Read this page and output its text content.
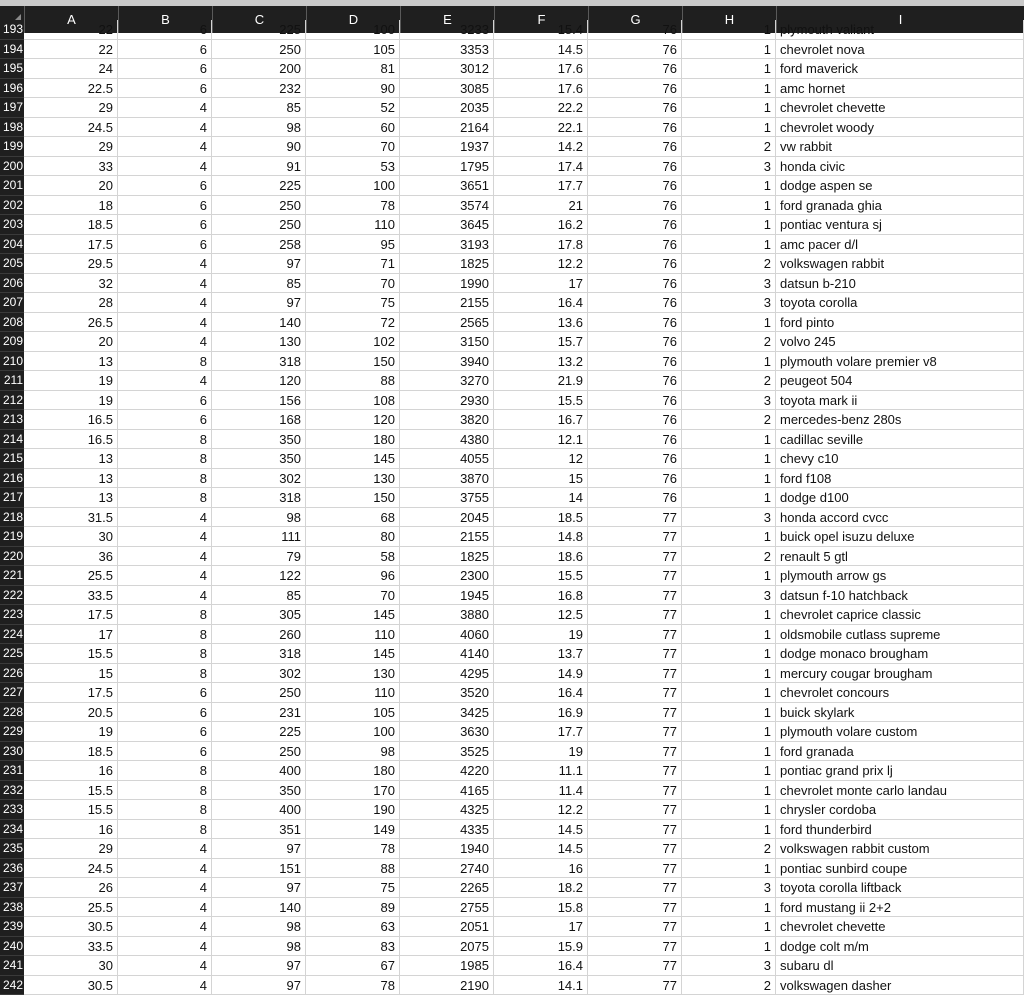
A	B	C	D	E	F	G	H	I
193	22	6	225	100	3233	15.4	76	1 plymouth valiant
194	22	6	250	105	3353	14.5	76	1 chevrolet nova
195	24	6	200	81	3012	17.6	76	1 ford maverick
196	22.5	6	232	90	3085	17.6	76	1 amc hornet
197	29	4	85	52	2035	22.2	76	1 chevrolet chevette
198	24.5	4	98	60	2164	22.1	76	1 chevrolet woody
199	29	4	90	70	1937	14.2	76	2 vw rabbit
200	33	4	91	53	1795	17.4	76	3 honda civic
201	20	6	225	100	3651	17.7	76	1 dodge aspen se
202	18	6	250	78	3574	21	76	1 ford granada ghia
203	18.5	6	250	110	3645	16.2	76	1 pontiac ventura sj
204	17.5	6	258	95	3193	17.8	76	1 amc pacer d/l
205	29.5	4	97	71	1825	12.2	76	2 volkswagen rabbit
206	32	4	85	70	1990	17	76	3 datsun b-210
207	28	4	97	75	2155	16.4	76	3 toyota corolla
208	26.5	4	140	72	2565	13.6	76	1 ford pinto
209	20	4	130	102	3150	15.7	76	2 volvo 245
210	13	8	318	150	3940	13.2	76	1 plymouth volare premier v8
211	19	4	120	88	3270	21.9	76	2 peugeot 504
212	19	6	156	108	2930	15.5	76	3 toyota mark ii
213	16.5	6	168	120	3820	16.7	76	2 mercedes-benz 280s
214	16.5	8	350	180	4380	12.1	76	1 cadillac seville
215	13	8	350	145	4055	12	76	1 chevy c10
216	13	8	302	130	3870	15	76	1 ford f108
217	13	8	318	150	3755	14	76	1 dodge d100
218	31.5	4	98	68	2045	18.5	77	3 honda accord cvcc
219	30	4	111	80	2155	14.8	77	1 buick opel isuzu deluxe
220	36	4	79	58	1825	18.6	77	2 renault 5 gtl
221	25.5	4	122	96	2300	15.5	77	1 plymouth arrow gs
222	33.5	4	85	70	1945	16.8	77	3 datsun f-10 hatchback
223	17.5	8	305	145	3880	12.5	77	1 chevrolet caprice classic
224	17	8	260	110	4060	19	77	1 oldsmobile cutlass supreme
225	15.5	8	318	145	4140	13.7	77	1 dodge monaco brougham
226	15	8	302	130	4295	14.9	77	1 mercury cougar brougham
227	17.5	6	250	110	3520	16.4	77	1 chevrolet concours
228	20.5	6	231	105	3425	16.9	77	1 buick skylark
229	19	6	225	100	3630	17.7	77	1 plymouth volare custom
230	18.5	6	250	98	3525	19	77	1 ford granada
231	16	8	400	180	4220	11.1	77	1 pontiac grand prix lj
232	15.5	8	350	170	4165	11.4	77	1 chevrolet monte carlo landau
233	15.5	8	400	190	4325	12.2	77	1 chrysler cordoba
234	16	8	351	149	4335	14.5	77	1 ford thunderbird
235	29	4	97	78	1940	14.5	77	2 volkswagen rabbit custom
236	24.5	4	151	88	2740	16	77	1 pontiac sunbird coupe
237	26	4	97	75	2265	18.2	77	3 toyota corolla liftback
238	25.5	4	140	89	2755	15.8	77	1 ford mustang ii 2+2
239	30.5	4	98	63	2051	17	77	1 chevrolet chevette
240	33.5	4	98	83	2075	15.9	77	1 dodge colt m/m
241	30	4	97	67	1985	16.4	77	3 subaru dl
242	30.5	4	97	78	2190	14.1	77	2 volkswagen dasher
